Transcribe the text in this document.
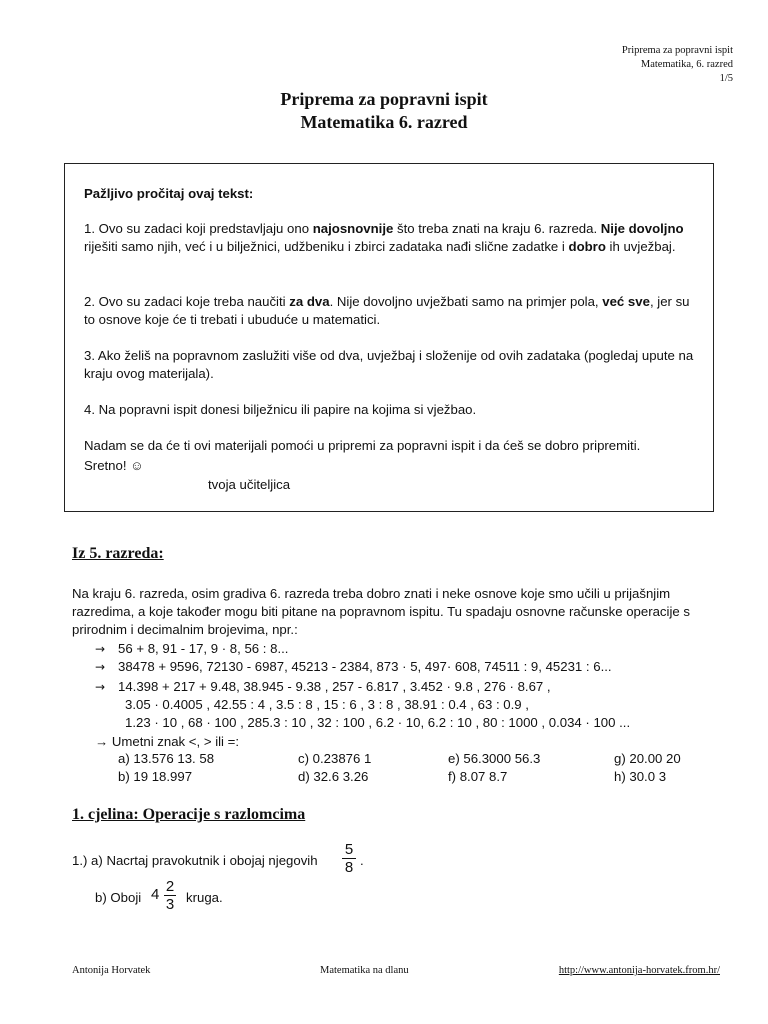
Priprema za popravni ispit
Matematika, 6. razred
1/5
Priprema za popravni ispit
Matematika 6. razred
Pažljivo pročitaj ovaj tekst:
1. Ovo su zadaci koji predstavljaju ono najosnovnije što treba znati na kraju 6. razreda. Nije dovoljno riješiti samo njih, već i u bilježnici, udžbeniku i zbirci zadataka nađi slične zadatke i dobro ih uvježbaj.
2. Ovo su zadaci koje treba naučiti za dva. Nije dovoljno uvježbati samo na primjer pola, već sve, jer su to osnove koje će ti trebati i ubuduće u matematici.
3. Ako želiš na popravnom zaslužiti više od dva, uvježbaj i složenije od ovih zadataka (pogledaj upute na kraju ovog materijala).
4. Na popravni ispit donesi bilježnicu ili papire na kojima si vježbao.
Nadam se da će ti ovi materijali pomoći u pripremi za popravni ispit i da ćeš se dobro pripremiti.
Sretno! ☺
tvoja učiteljica
Iz 5. razreda:
Na kraju 6. razreda, osim gradiva 6. razreda treba dobro znati i neke osnove koje smo učili u prijašnjim
razredima, a koje također mogu biti pitane na popravnom ispitu. Tu spadaju osnovne računske operacije s
prirodnim i decimalnim brojevima, npr.:
→ 56 + 8, 91 - 17, 9 · 8, 56 : 8...
→ 38478 + 9596, 72130 - 6987, 45213 - 2384, 873 · 5, 497· 608, 74511 : 9, 45231 : 6...
→ 14.398 + 217 + 9.48, 38.945 - 9.38 , 257 - 6.817 , 3.452 · 9.8 , 276 · 8.67 ,
3.05 · 0.4005 , 42.55 : 4 , 3.5 : 8 , 15 : 6 , 3 : 8 , 38.91 : 0.4 , 63 : 0.9 ,
1.23 · 10 , 68 · 100 , 285.3 : 10 , 32 : 100 , 6.2 · 10, 6.2 : 10 , 80 : 1000 , 0.034 · 100 ...
→ Umetni znak <, > ili =:
a) 13.576 13. 58	c) 0.23876 1	e) 56.3000 56.3	g) 20.00 20
b) 19 18.997	d) 32.6 3.26	f) 8.07 8.7	h) 30.0 3
1. cjelina: Operacije s razlomcima
1.) a) Nacrtaj pravokutnik i obojaj njegovih
5
8 .
b) Oboji 4 2
3 kruga.
Antonija Horvatek	Matematika na dlanu	http://www.antonija-horvatek.from.hr/
